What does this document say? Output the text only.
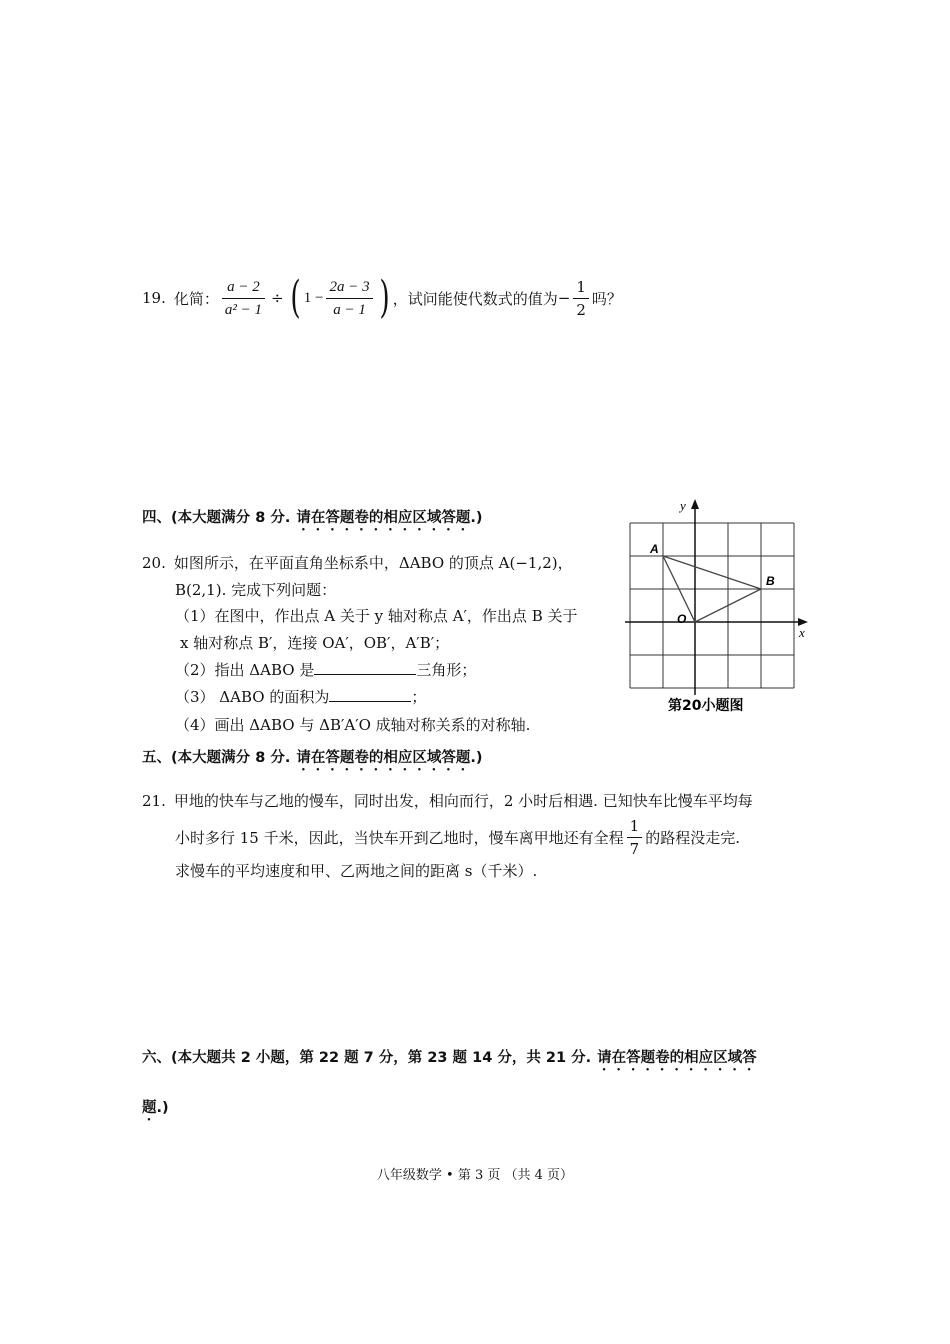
19. 化简： $\frac{a - 2}{\text{a² − 1}}$ ÷ ( $1 - \frac{2a - 3}{a - 1}$ ) ，试问能使代数式的值为 − $\frac{1}{2}$ 吗？
四、(本大题满分 8 分. 请在答题卷的相应区域答题.)
20. 如图所示，在平面直角坐标系中，ΔABO 的顶点 A(−1,2)，
B(2,1). 完成下列问题：
（1）在图中，作出点 A 关于 y 轴对称点 A′，作出点 B 关于
x 轴对称点 B′，连接 OA′，OB′，A′B′；
（2）指出 ΔABO 是	三角形；
（3） ΔABO 的面积为	；
（4）画出 ΔABO 与 ΔB′A′O 成轴对称关系的对称轴.
x
y
A
B
O
第20小题图
五、(本大题满分 8 分. 请在答题卷的相应区域答题.)
21. 甲地的快车与乙地的慢车，同时出发，相向而行，2 小时后相遇. 已知快车比慢车平均每
小时多行 15 千米，因此，当快车开到乙地时，慢车离甲地还有全程 $\frac{1}{7}$ 的路程没走完.
求慢车的平均速度和甲、乙两地之间的距离 s（千米）.
六、(本大题共 2 小题，第 22 题 7 分，第 23 题 14 分，共 21 分. 请在答题卷的相应区域答
题.)
八年级数学 • 第 3 页 （共 4 页）
